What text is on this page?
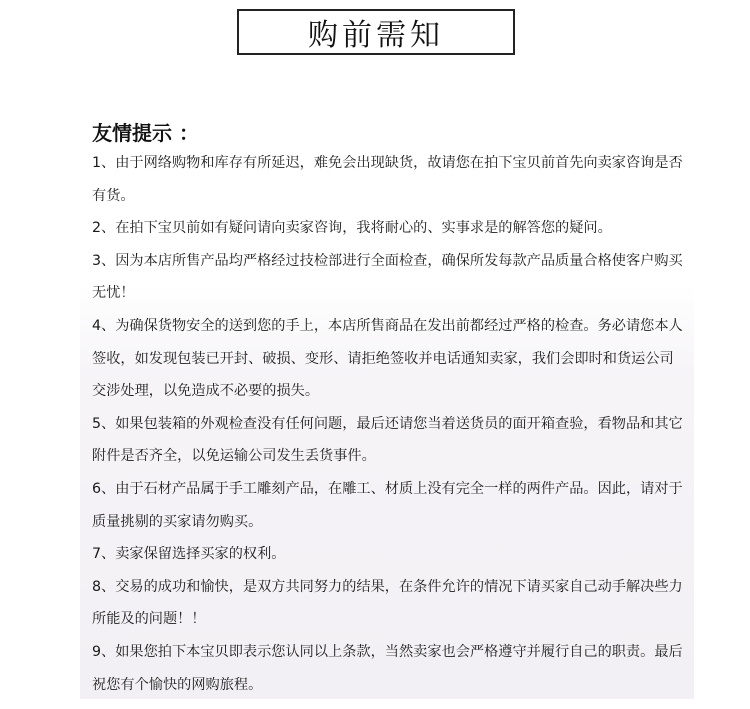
购前需知
友情提示 ：
1、由于网络购物和库存有所延迟，难免会出现缺货，故请您在拍下宝贝前首先向卖家咨询是否有货。
2、在拍下宝贝前如有疑问请向卖家咨询，我将耐心的、实事求是的解答您的疑问。
3、因为本店所售产品均严格经过技检部进行全面检查，确保所发每款产品质量合格使客户购买无忧！
4、为确保货物安全的送到您的手上，本店所售商品在发出前都经过严格的检查。务必请您本人签收，如发现包装已开封、破损、变形、请拒绝签收并电话通知卖家，我们会即时和货运公司交涉处理，以免造成不必要的损失。
5、如果包装箱的外观检查没有任何问题，最后还请您当着送货员的面开箱查验，看物品和其它附件是否齐全，以免运输公司发生丢货事件。
6、由于石材产品属于手工雕刻产品，在雕工、材质上没有完全一样的两件产品。因此，请对于质量挑剔的买家请勿购买。
7、卖家保留选择买家的权利。
8、交易的成功和愉快，是双方共同努力的结果，在条件允许的情况下请买家自己动手解决些力所能及的问题！！
9、如果您拍下本宝贝即表示您认同以上条款，当然卖家也会严格遵守并履行自己的职责。最后祝您有个愉快的网购旅程。
